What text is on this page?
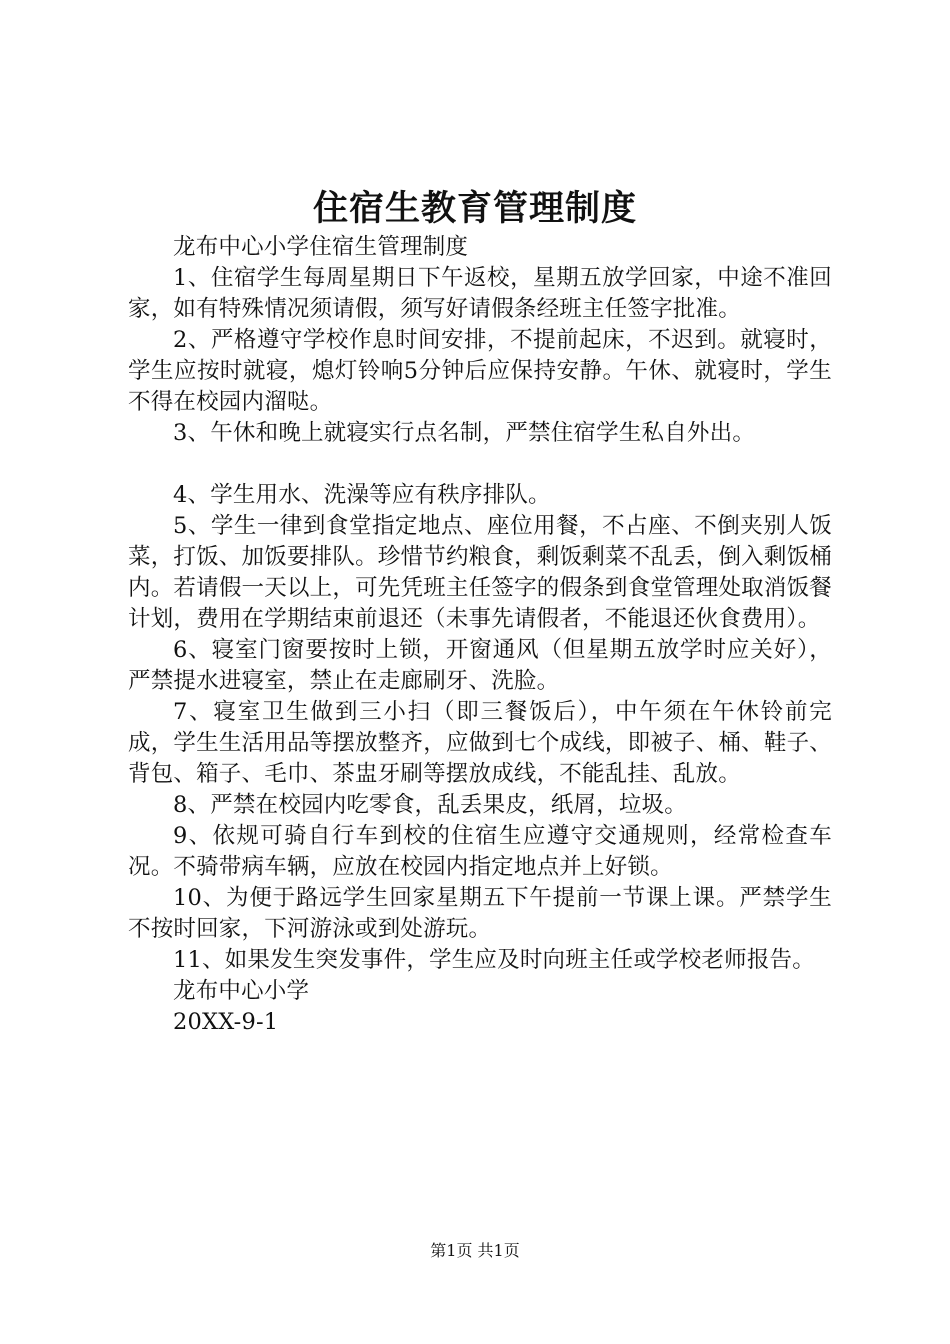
住宿生教育管理制度

龙布中心小学住宿生管理制度

1、住宿学生每周星期日下午返校，星期五放学回家，中途不准回家，如有特殊情况须请假，须写好请假条经班主任签字批准。

2、严格遵守学校作息时间安排，不提前起床，不迟到。就寝时，学生应按时就寝，熄灯铃响5分钟后应保持安静。午休、就寝时，学生不得在校园内溜哒。

3、午休和晚上就寝实行点名制，严禁住宿学生私自外出。

4、学生用水、洗澡等应有秩序排队。

5、学生一律到食堂指定地点、座位用餐，不占座、不倒夹别人饭菜，打饭、加饭要排队。珍惜节约粮食，剩饭剩菜不乱丢，倒入剩饭桶内。若请假一天以上，可先凭班主任签字的假条到食堂管理处取消饭餐计划，费用在学期结束前退还（未事先请假者，不能退还伙食费用）。

6、寝室门窗要按时上锁，开窗通风（但星期五放学时应关好），严禁提水进寝室，禁止在走廊刷牙、洗脸。

7、寝室卫生做到三小扫（即三餐饭后），中午须在午休铃前完成，学生生活用品等摆放整齐，应做到七个成线，即被子、桶、鞋子、背包、箱子、毛巾、茶盅牙刷等摆放成线，不能乱挂、乱放。

8、严禁在校园内吃零食，乱丢果皮，纸屑，垃圾。

9、依规可骑自行车到校的住宿生应遵守交通规则，经常检查车况。不骑带病车辆，应放在校园内指定地点并上好锁。

10、为便于路远学生回家星期五下午提前一节课上课。严禁学生不按时回家，下河游泳或到处游玩。

11、如果发生突发事件，学生应及时向班主任或学校老师报告。

龙布中心小学

20XX-9-1

第1页 共1页
